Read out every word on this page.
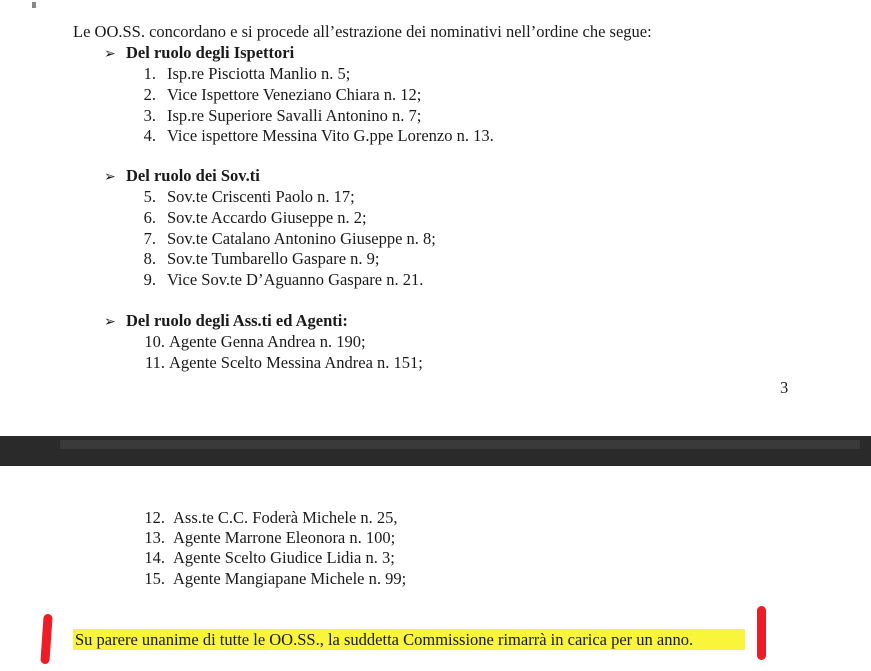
Le OO.SS. concordano e si procede all’estrazione dei nominativi nell’ordine che segue:
➢ Del ruolo degli Ispettori
1. Isp.re Pisciotta Manlio n. 5;
2. Vice Ispettore Veneziano Chiara n. 12;
3. Isp.re Superiore Savalli Antonino n. 7;
4. Vice ispettore Messina Vito G.ppe Lorenzo n. 13.
➢ Del ruolo dei Sov.ti
5. Sov.te Criscenti Paolo n. 17;
6. Sov.te Accardo Giuseppe n. 2;
7. Sov.te Catalano Antonino Giuseppe n. 8;
8. Sov.te Tumbarello Gaspare n. 9;
9. Vice Sov.te D’Aguanno Gaspare n. 21.
➢ Del ruolo degli Ass.ti ed Agenti:
10. Agente Genna Andrea n. 190;
11. Agente Scelto Messina Andrea n. 151;
3
12. Ass.te C.C. Foderà Michele n. 25,
13. Agente Marrone Eleonora n. 100;
14. Agente Scelto Giudice Lidia n. 3;
15. Agente Mangiapane Michele n. 99;
Su parere unanime di tutte le OO.SS., la suddetta Commissione rimarrà in carica per un anno.
